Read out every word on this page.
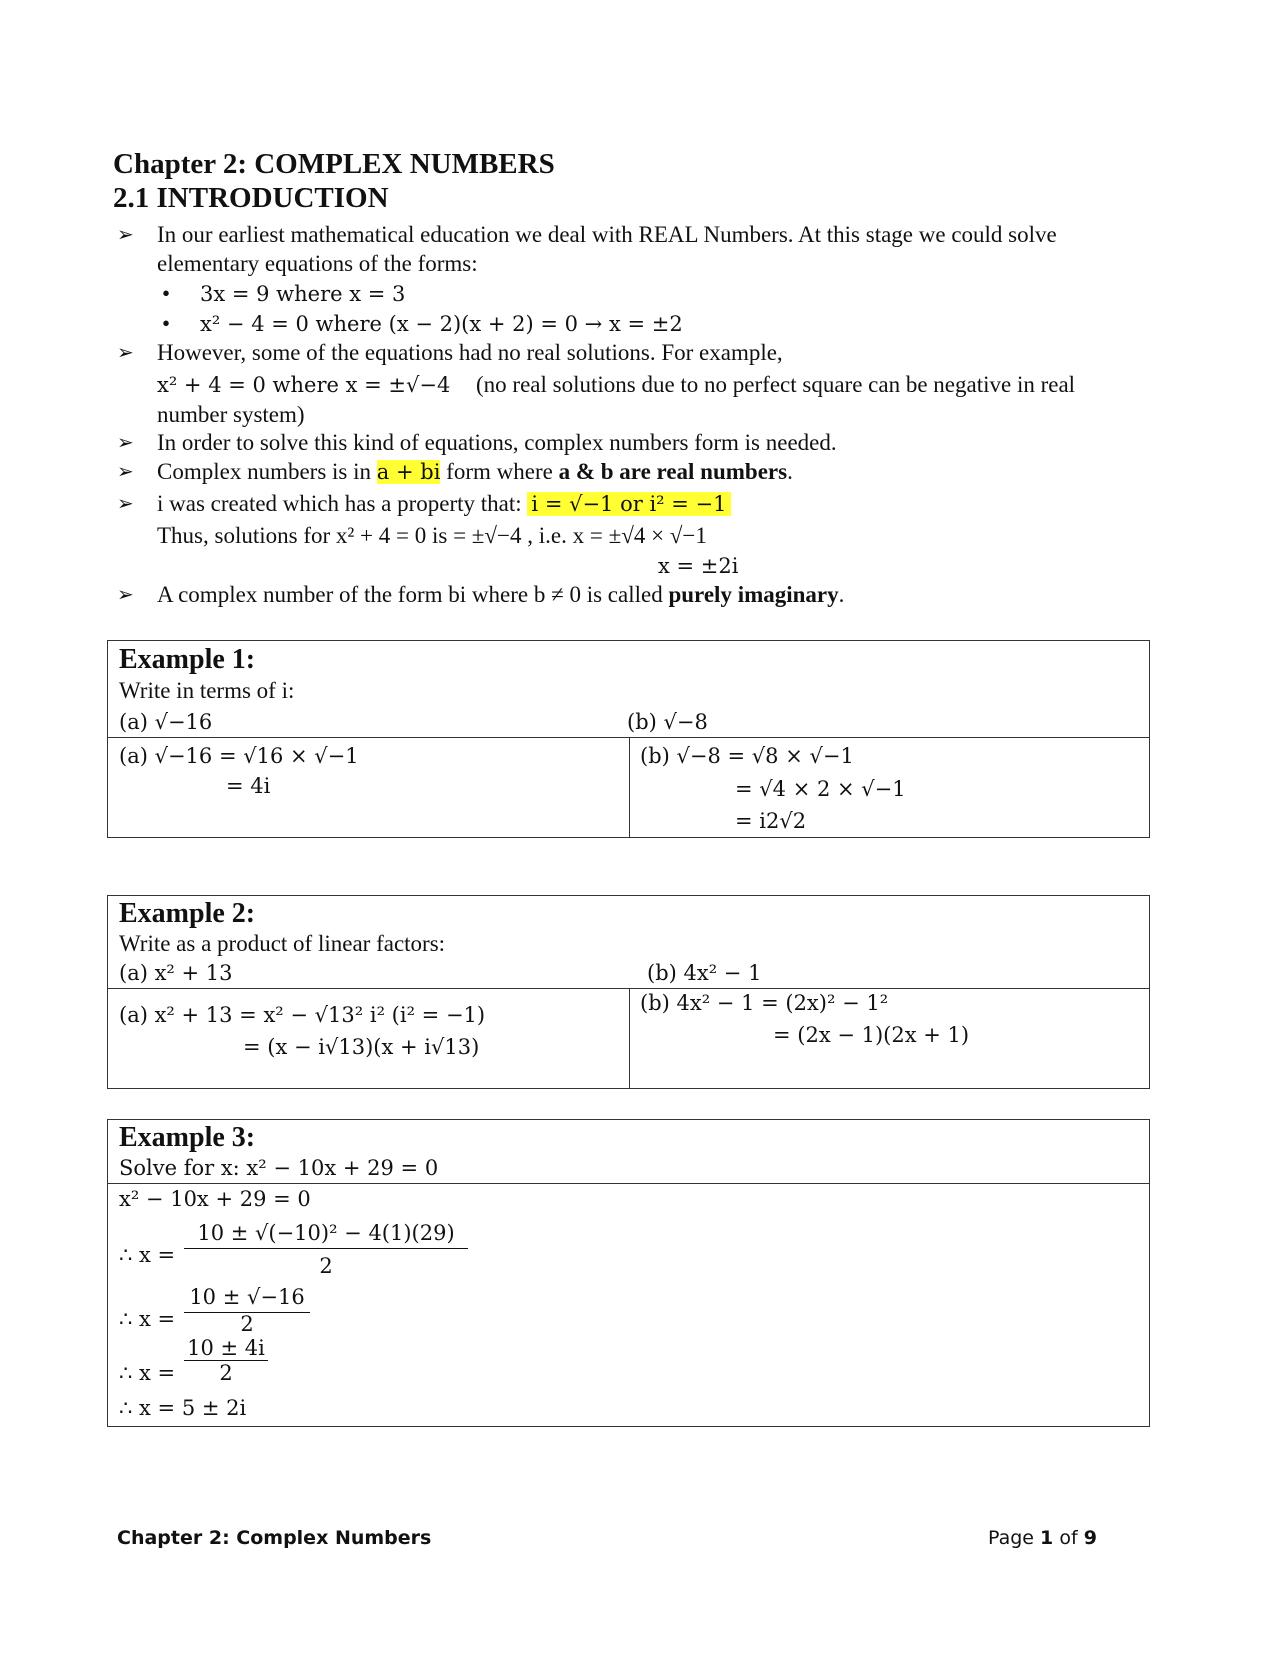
Chapter 2: COMPLEX NUMBERS
2.1 INTRODUCTION
➢ In our earliest mathematical education we deal with REAL Numbers. At this stage we could solve
elementary equations of the forms:
• 3x = 9 where x = 3
• x² − 4 = 0 where (x − 2)(x + 2) = 0 → x = ±2
➢ However, some of the equations had no real solutions. For example,
x² + 4 = 0 where x = ±√−4 (no real solutions due to no perfect square can be negative in real
number system)
➢ In order to solve this kind of equations, complex numbers form is needed.
➢ Complex numbers is in a + bi form where a & b are real numbers.
➢ i was created which has a property that: i = √−1 or i² = −1
Thus, solutions for x² + 4 = 0 is = ±√−4 , i.e. x = ±√4 × √−1
x = ±2i
➢ A complex number of the form bi where b ≠ 0 is called purely imaginary.
Example 1:
Write in terms of i:
(a) √−16	(b) √−8
(a) √−16 = √16 × √−1
= 4i
(b) √−8 = √8 × √−1
= √4 × 2 × √−1
= i2√2
Example 2:
Write as a product of linear factors:
(a) x² + 13	(b) 4x² − 1
(a) x² + 13 = x² − √13² i² (i² = −1)
= (x − i√13)(x + i√13)
(b) 4x² − 1 = (2x)² − 1²
= (2x − 1)(2x + 1)
Example 3:
Solve for x: x² − 10x + 29 = 0
x² − 10x + 29 = 0
∴ x =
10 ± √(−10)² − 4(1)(29)
2
∴ x =
10 ± √−16
2
∴ x =
10 ± 4i
2
∴ x = 5 ± 2i
Chapter 2: Complex Numbers	Page 1 of 9
